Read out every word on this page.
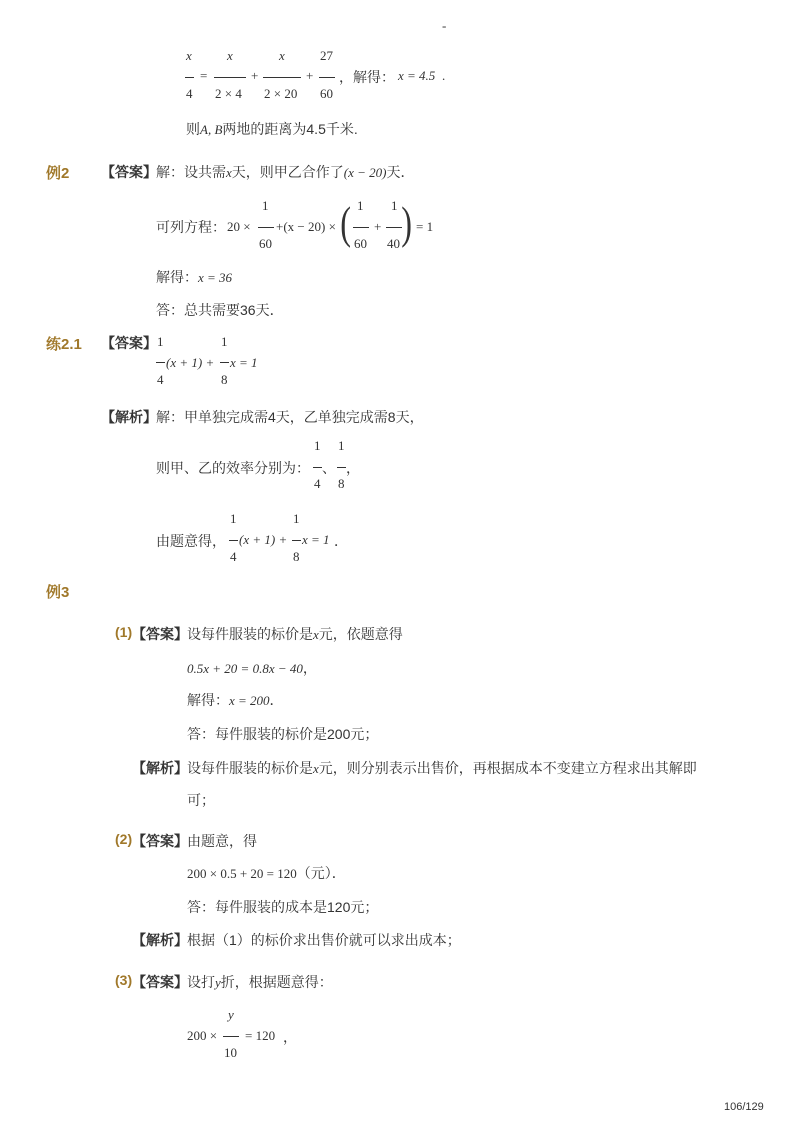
-
x
4
=
x
2 × 4
+
x
2 × 20
+
27
60
，解得： x = 4.5 .
则A, B两地的距离为4.5千米.
例2 【答案】 解：设共需x天，则甲乙合作了(x − 20)天．
可列方程： 20 ×
1
60
+(x − 20) × ( 1
60
+
1
40 ) = 1
解得：x = 36
答：总共需要36天．
练2.1 【答案】 1
4
(x + 1) +
1
8
x = 1
【解析】 解：甲单独完成需4天，乙单独完成需8天，
则甲、乙的效率分别为：
1
4
、
1
8
，
由题意得，
1
4
(x + 1) +
1
8
x = 1 ．
例3
(1) 【答案】 设每件服装的标价是x元，依题意得
0.5x + 20 = 0.8x − 40，
解得：x = 200．
答：每件服装的标价是200元；
【解析】 设每件服装的标价是x元，则分别表示出售价，再根据成本不变建立方程求出其解即
可；
(2) 【答案】 由题意，得
200 × 0.5 + 20 = 120（元）．
答：每件服装的成本是120元；
【解析】 根据（1）的标价求出售价就可以求出成本；
(3) 【答案】 设打y折，根据题意得：
200 ×
y
10
= 120 ，
106/129
